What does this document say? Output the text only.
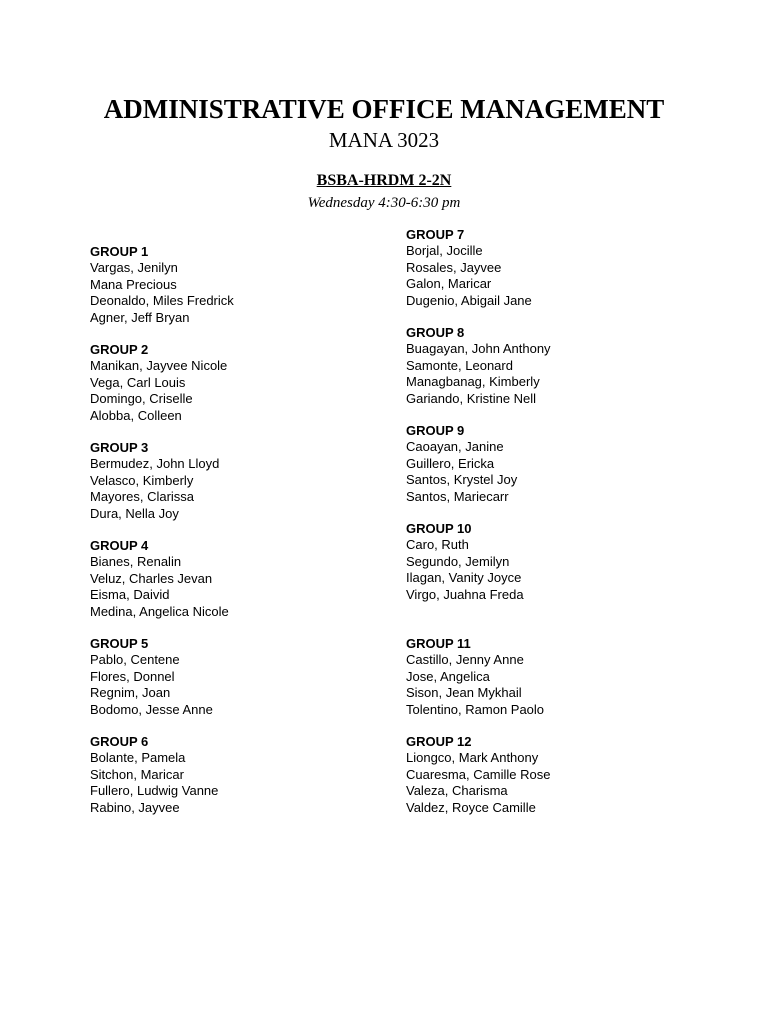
ADMINISTRATIVE OFFICE MANAGEMENT
MANA 3023
BSBA-HRDM 2-2N
Wednesday 4:30-6:30 pm
GROUP 1
Vargas, Jenilyn
Mana Precious
Deonaldo, Miles Fredrick
Agner, Jeff Bryan
GROUP 2
Manikan, Jayvee Nicole
Vega, Carl Louis
Domingo, Criselle
Alobba, Colleen
GROUP 3
Bermudez, John Lloyd
Velasco, Kimberly
Mayores, Clarissa
Dura, Nella Joy
GROUP 4
Bianes, Renalin
Veluz, Charles Jevan
Eisma, Daivid
Medina, Angelica Nicole
GROUP 5
Pablo, Centene
Flores, Donnel
Regnim, Joan
Bodomo, Jesse Anne
GROUP 6
Bolante, Pamela
Sitchon, Maricar
Fullero, Ludwig Vanne
Rabino, Jayvee
GROUP 7
Borjal, Jocille
Rosales, Jayvee
Galon, Maricar
Dugenio, Abigail Jane
GROUP 8
Buagayan, John Anthony
Samonte, Leonard
Managbanag, Kimberly
Gariando, Kristine Nell
GROUP 9
Caoayan, Janine
Guillero, Ericka
Santos, Krystel Joy
Santos, Mariecarr
GROUP 10
Caro, Ruth
Segundo, Jemilyn
Ilagan, Vanity Joyce
Virgo, Juahna Freda
GROUP 11
Castillo, Jenny Anne
Jose, Angelica
Sison, Jean Mykhail
Tolentino, Ramon Paolo
GROUP 12
Liongco, Mark Anthony
Cuaresma, Camille Rose
Valeza, Charisma
Valdez, Royce Camille
